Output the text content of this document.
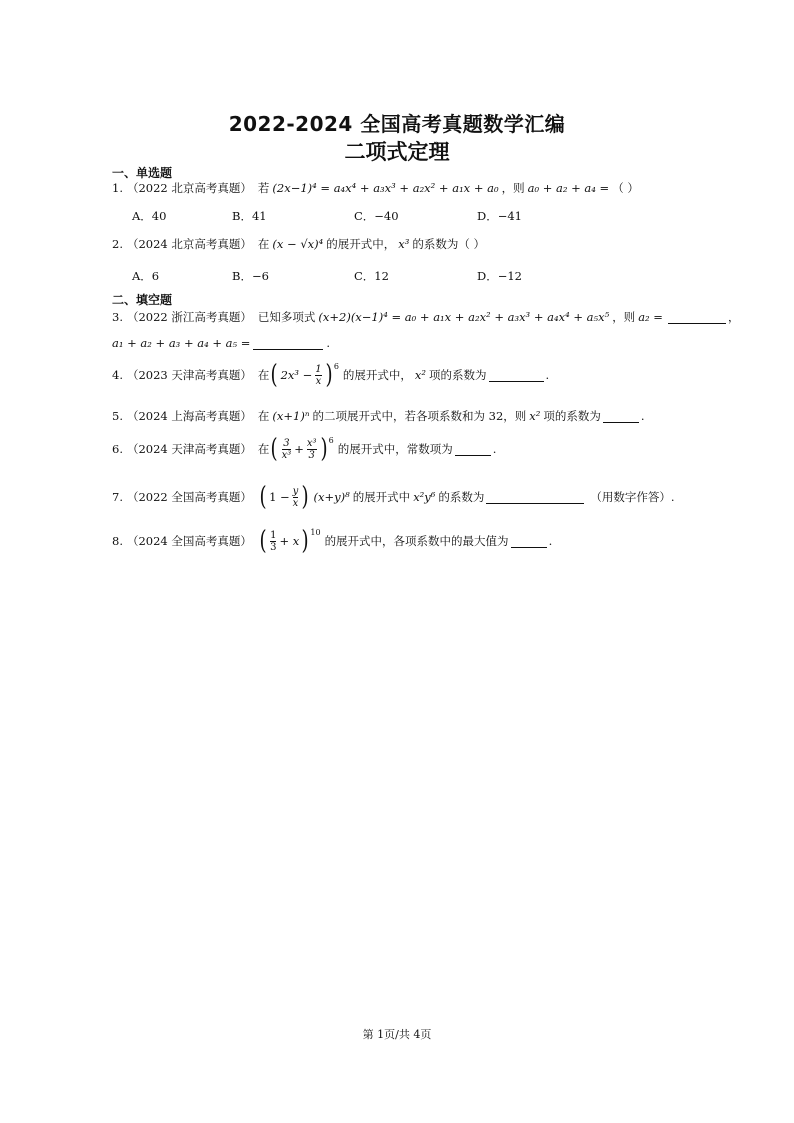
2022-2024 全国高考真题数学汇编
二项式定理
一、单选题
1. （2022 北京高考真题） 若 (2x−1)⁴ = a₄x⁴ + a₃x³ + a₂x² + a₁x + a₀ ，则 a₀ + a₂ + a₄ = （ ）
A．40	B．41	C．−40	D．−41
2. （2024 北京高考真题） 在 (x − √x)⁴ 的展开式中， x³ 的系数为（ ）
A．6	B．−6	C．12	D．−12
二、填空题
3. （2022 浙江高考真题） 已知多项式 (x+2)(x−1)⁴ = a₀ + a₁x + a₂x² + a₃x³ + a₄x⁴ + a₅x⁵ ，则 a₂ =	，
a₁ + a₂ + a₃ + a₄ + a₅ =	.
4. （2023 天津高考真题） 在 ( $2x^3 - \frac{1}{x} )^6$
的展开式中， x² 项的系数为	.
5. （2024 上海高考真题） 在 (x+1)ⁿ 的二项展开式中，若各项系数和为 32，则 x² 项的系数为	.
6. （2024 天津高考真题） 在 ( $\frac{3}{\text{x³}} + \frac{\text{x³}}{3} )^6$
的展开式中，常数项为	.
7. （2022 全国高考真题） ( $1 - \frac{y}{x}$ ) (x+y)⁸ 的展开式中 x²y⁶ 的系数为	（用数字作答）.
8. （2024 全国高考真题） ( $\frac{1}{3} + x$ )$^{10}$
的展开式中，各项系数中的最大值为	.
第 1页/共 4页
